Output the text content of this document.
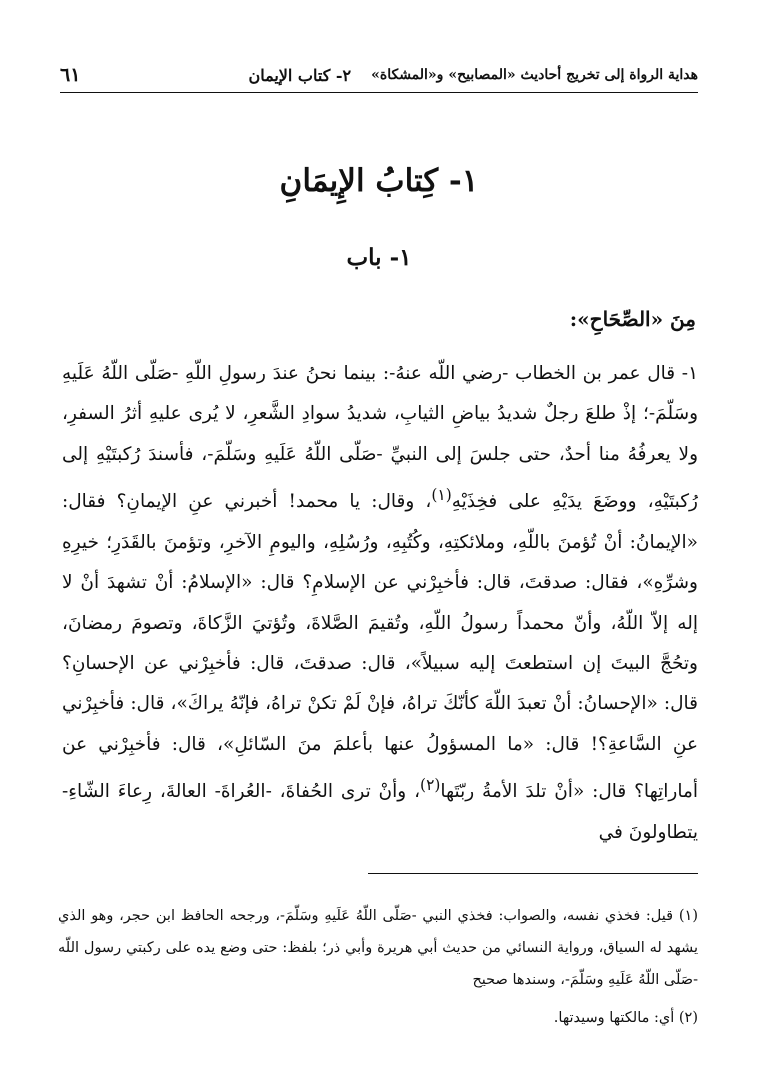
هداية الرواة إلى تخريج أحاديث «المصابيح» و«المشكاة»
٢- كتاب الإيمان
٦١
١- كِتابُ الإِيمَانِ
١- باب
مِنَ «الصِّحَاحِ»:
١- قال عمر بن الخطاب -رضي اللّه عنهُ-: بينما نحنُ عندَ رسولِ اللّهِ -صَلّى اللّهُ عَلَيهِ وسَلّمَ-؛ إذْ طلعَ رجلٌ شديدُ بياضِ الثيابِ، شديدُ سوادِ الشَّعرِ، لا يُرى عليهِ أثرُ السفرِ، ولا يعرفُهُ منا أحدٌ، حتى جلسَ إلى النبيِّ -صَلّى اللّهُ عَلَيهِ وسَلّمَ-، فأسندَ رُكبتَيْهِ إلى رُكبتَيْهِ، ووضَعَ يدَيْهِ على فخِذَيْهِ$^{(١)}$، وقال: يا محمد! أخبرني عنِ الإيمانِ؟ فقال: «الإيمانُ: أنْ تُؤمنَ باللّهِ، وملائكتِهِ، وكُتُبِهِ، ورُسُلِهِ، واليومِ الآخرِ، وتؤمنَ بالقَدَرِ؛ خيرِهِ وشرِّهِ»، فقال: صدقتَ، قال: فأخبِرْني عن الإسلامِ؟ قال: «الإسلامُ: أنْ تشهدَ أنْ لا إله إلاّ اللّهُ، وأنّ محمداً رسولُ اللّهِ، وتُقيمَ الصَّلاةَ، وتُؤتيَ الزَّكاةَ، وتصومَ رمضانَ، وتحُجَّ البيتَ إن استطعتَ إليه سبيلاً»، قال: صدقتَ، قال: فأخبِرْني عن الإحسانِ؟ قال: «الإحسانُ: أنْ تعبدَ اللّهَ كأنّكَ تراهُ، فإنْ لَمْ تكنْ تراهُ، فإنّهُ يراكَ»، قال: فأخبِرْني عنِ السَّاعةِ؟! قال: «ما المسؤولُ عنها بأعلمَ منَ السّائلِ»، قال: فأخبِرْني عن أماراتِها؟ قال: «أنْ تلدَ الأمةُ ربّتَها$^{(٢)}$، وأنْ ترى الحُفاةَ، -العُراةَ- العالةَ، رِعاءَ الشّاءِ- يتطاولونَ في
(١) قيل: فخذي نفسه، والصواب: فخذي النبي -صَلّى اللّهُ عَلَيهِ وسَلّمَ-، ورجحه الحافظ ابن حجر، وهو الذي يشهد له السياق، ورواية النسائي من حديث أبي هريرة وأبي ذر؛ بلفظ: حتى وضع يده على ركبتي رسول اللّه -صَلّى اللّهُ عَلَيهِ وسَلّمَ-، وسندها صحيح
(٢) أي: مالكتها وسيدتها.
